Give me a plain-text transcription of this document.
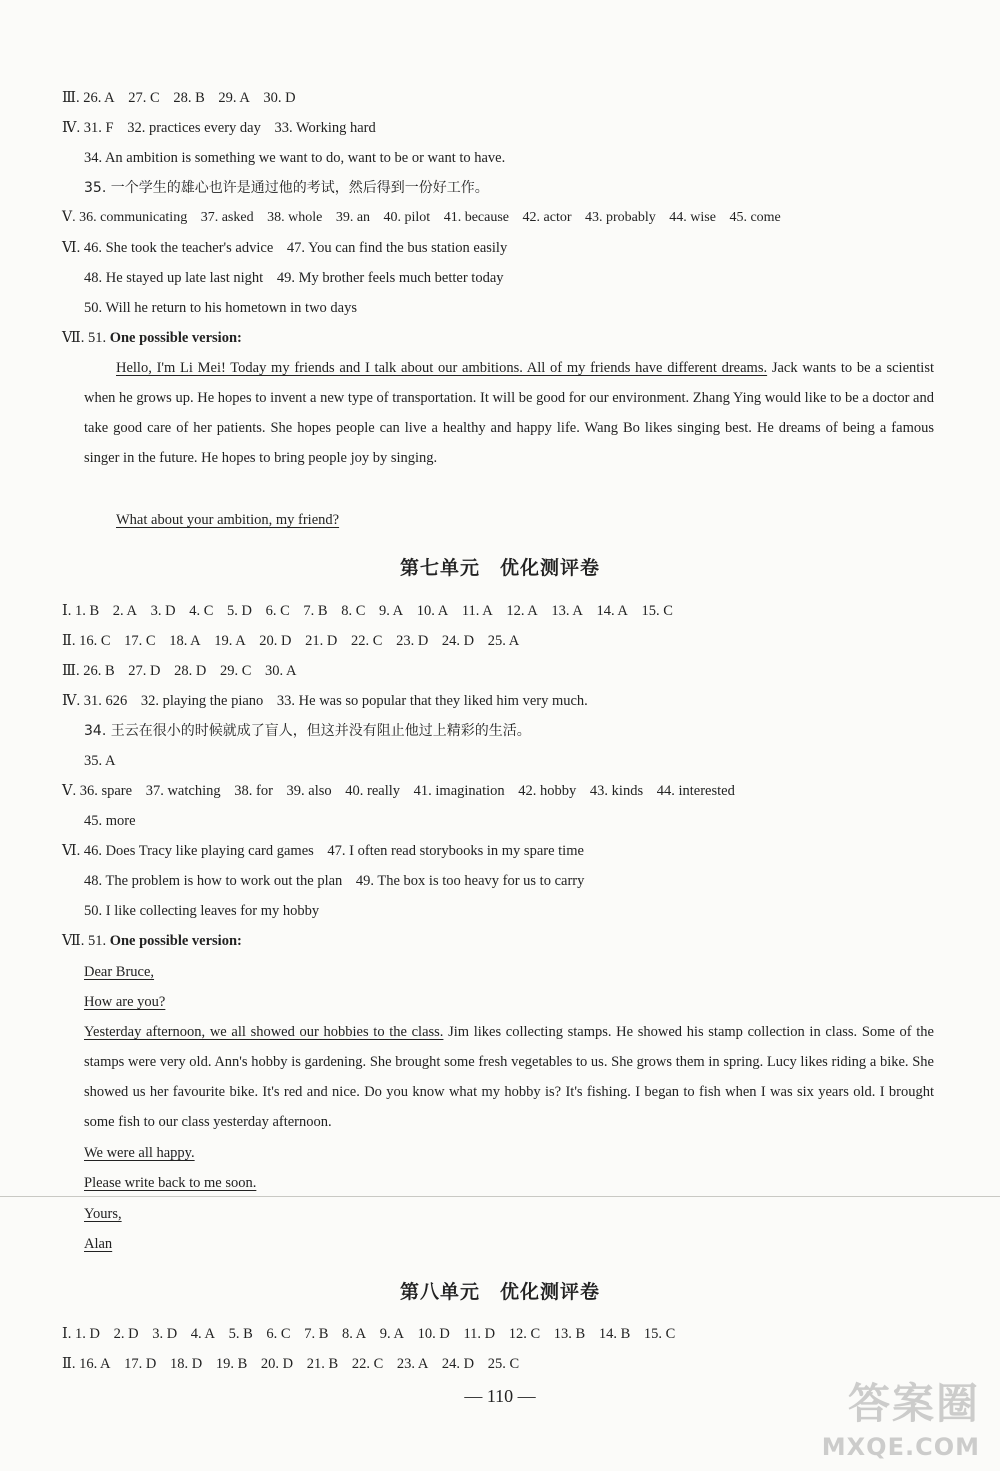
Ⅲ. 26. A 27. C 28. B 29. A 30. D
Ⅳ. 31. F 32. practices every day 33. Working hard
34. An ambition is something we want to do, want to be or want to have.
35. 一个学生的雄心也许是通过他的考试，然后得到一份好工作。
Ⅴ. 36. communicating 37. asked 38. whole 39. an 40. pilot 41. because 42. actor 43. probably 44. wise 45. come
Ⅵ. 46. She took the teacher's advice 47. You can find the bus station easily
48. He stayed up late last night 49. My brother feels much better today
50. Will he return to his hometown in two days
Ⅶ. 51. One possible version:
Hello, I'm Li Mei! Today my friends and I talk about our ambitions. All of my friends have different dreams. Jack wants to be a scientist when he grows up. He hopes to invent a new type of transportation. It will be good for our environment. Zhang Ying would like to be a doctor and take good care of her patients. She hopes people can live a healthy and happy life. Wang Bo likes singing best. He dreams of being a famous singer in the future. He hopes to bring people joy by singing.
What about your ambition, my friend?
第七单元 优化测评卷
Ⅰ. 1. B 2. A 3. D 4. C 5. D 6. C 7. B 8. C 9. A 10. A 11. A 12. A 13. A 14. A 15. C
Ⅱ. 16. C 17. C 18. A 19. A 20. D 21. D 22. C 23. D 24. D 25. A
Ⅲ. 26. B 27. D 28. D 29. C 30. A
Ⅳ. 31. 626 32. playing the piano 33. He was so popular that they liked him very much.
34. 王云在很小的时候就成了盲人，但这并没有阻止他过上精彩的生活。
35. A
Ⅴ. 36. spare 37. watching 38. for 39. also 40. really 41. imagination 42. hobby 43. kinds 44. interested
45. more
Ⅵ. 46. Does Tracy like playing card games 47. I often read storybooks in my spare time
48. The problem is how to work out the plan 49. The box is too heavy for us to carry
50. I like collecting leaves for my hobby
Ⅶ. 51. One possible version:
Dear Bruce,
How are you?
Yesterday afternoon, we all showed our hobbies to the class. Jim likes collecting stamps. He showed his stamp collection in class. Some of the stamps were very old. Ann's hobby is gardening. She brought some fresh vegetables to us. She grows them in spring. Lucy likes riding a bike. She showed us her favourite bike. It's red and nice. Do you know what my hobby is? It's fishing. I began to fish when I was six years old. I brought some fish to our class yesterday afternoon.
We were all happy.
Please write back to me soon.
Yours,
Alan
第八单元 优化测评卷
Ⅰ. 1. D 2. D 3. D 4. A 5. B 6. C 7. B 8. A 9. A 10. D 11. D 12. C 13. B 14. B 15. C
Ⅱ. 16. A 17. D 18. D 19. B 20. D 21. B 22. C 23. A 24. D 25. C
— 110 —	答案圈
MXQE.COM
